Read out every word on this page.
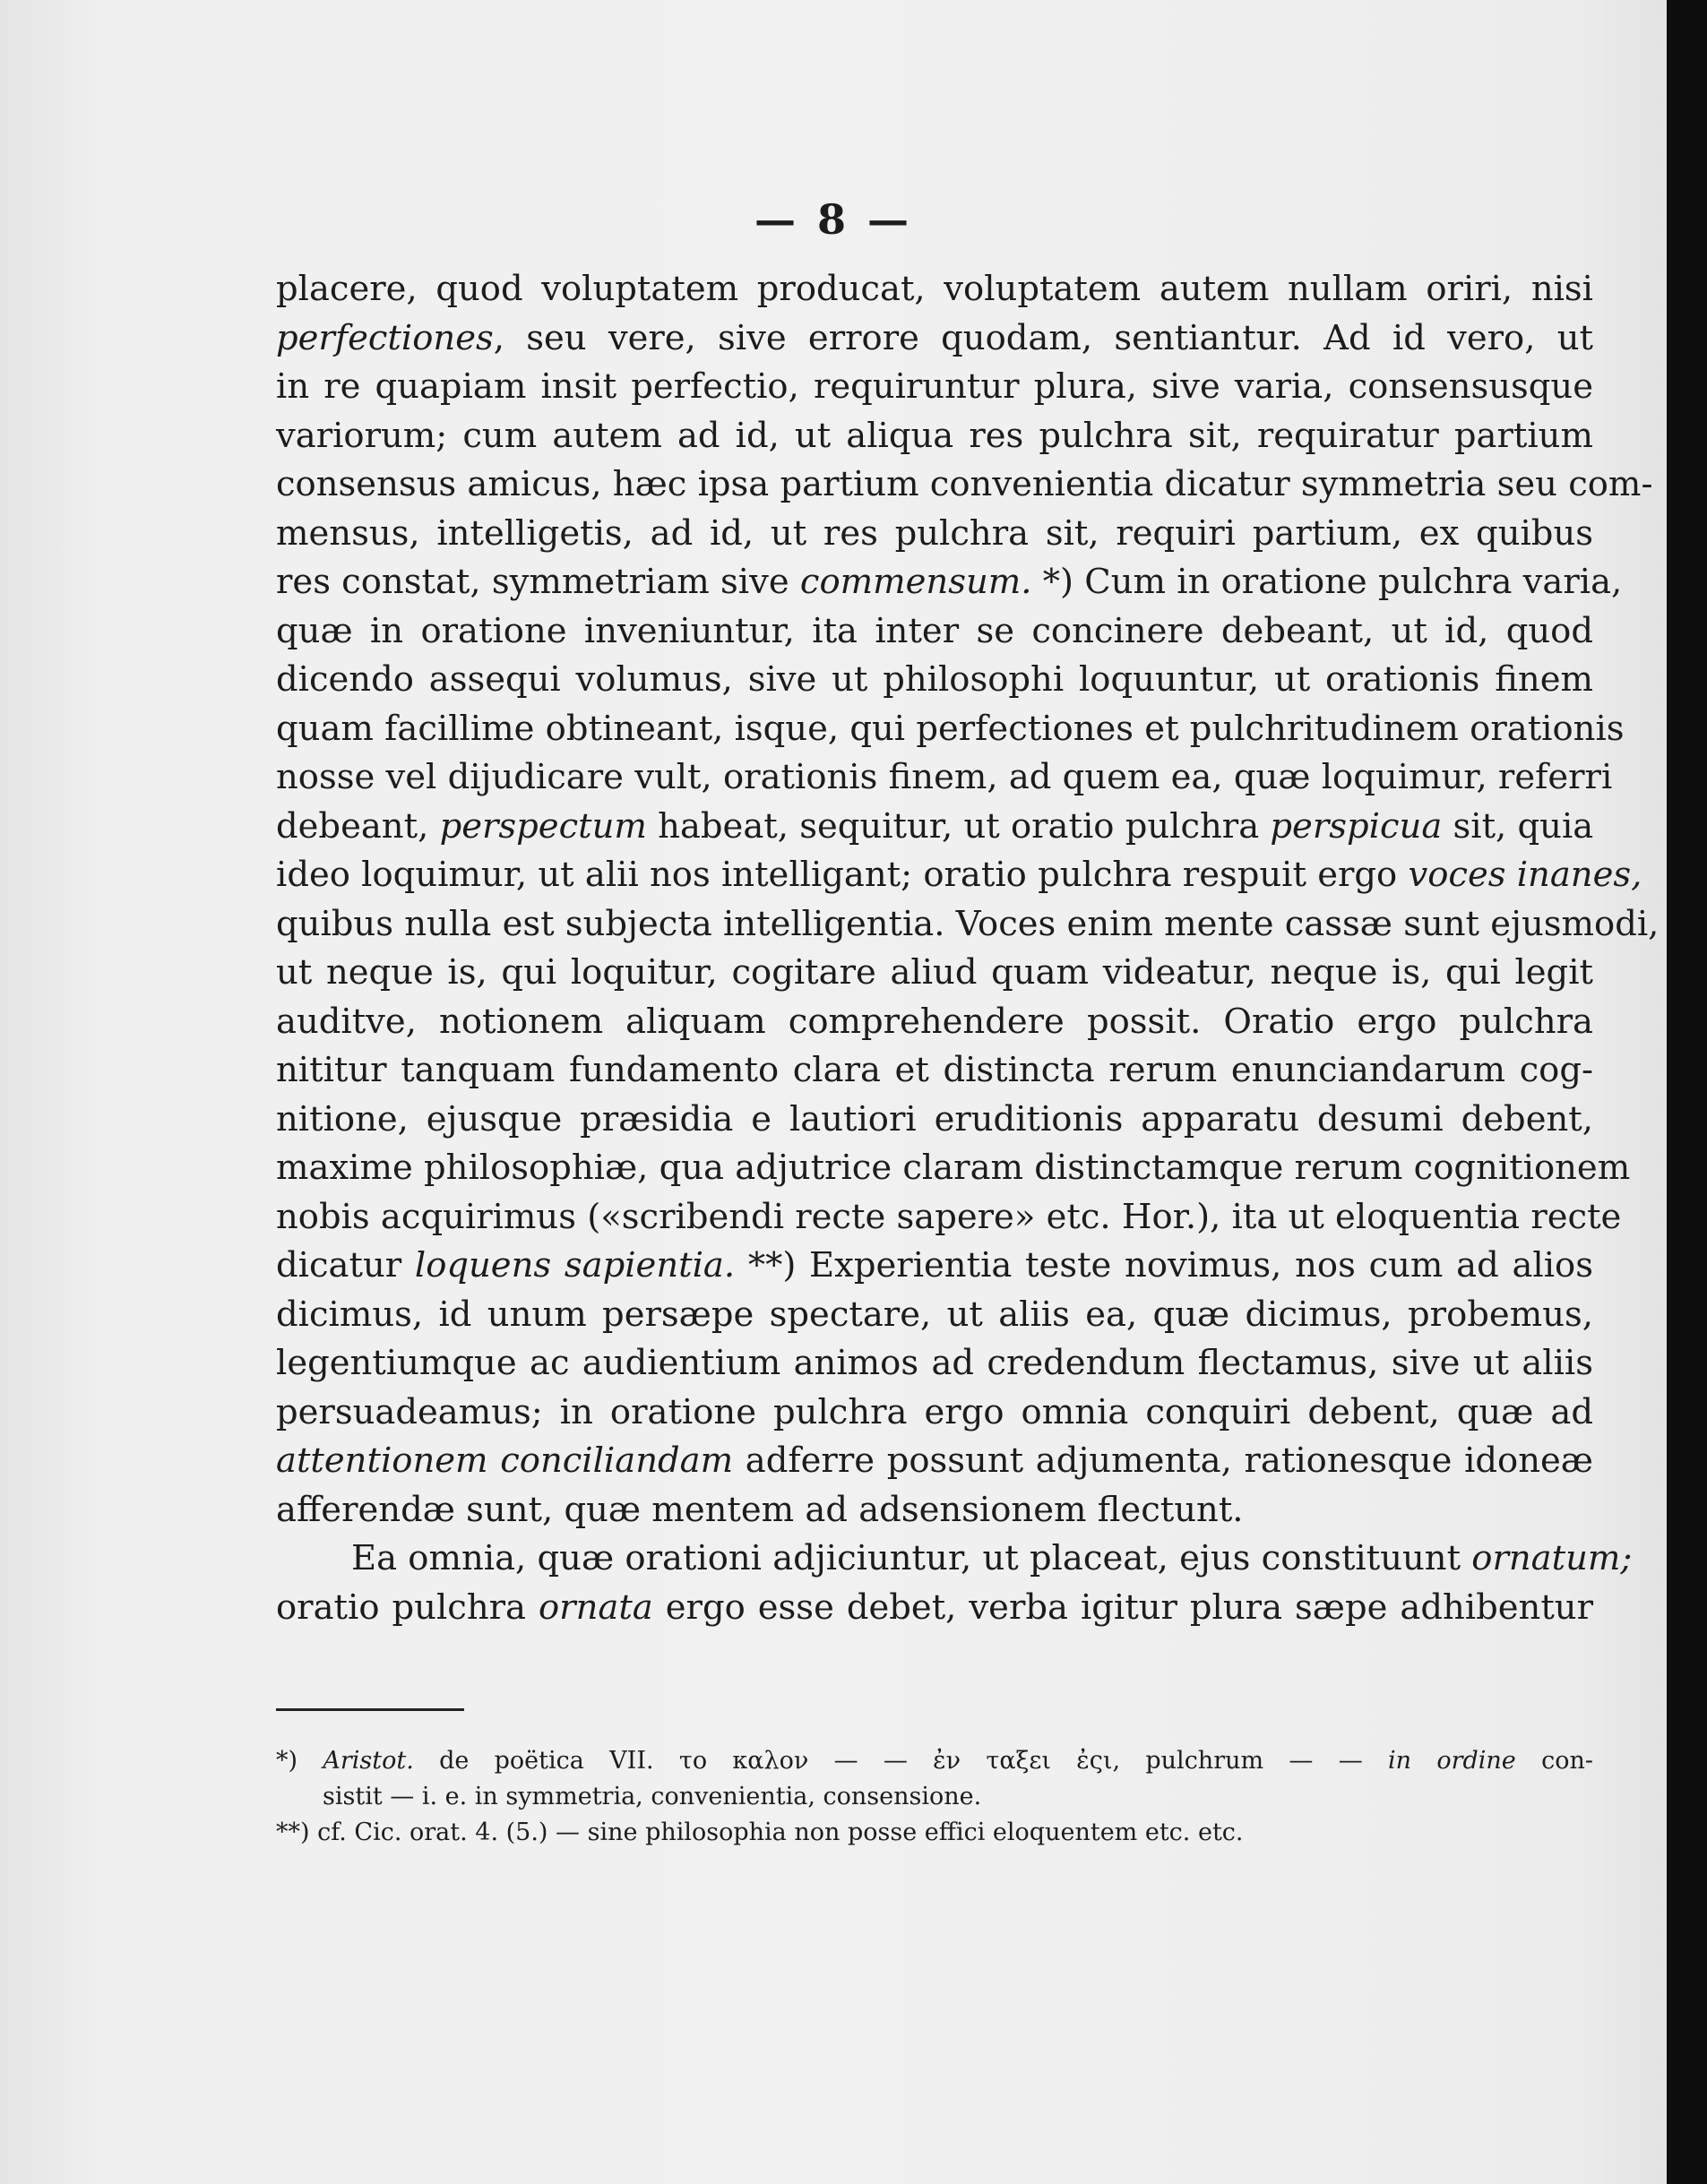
— 8 —
placere, quod voluptatem producat, voluptatem autem nullam oriri, nisi
perfectiones, seu vere, sive errore quodam, sentiantur. Ad id vero, ut
in re quapiam insit perfectio, requiruntur plura, sive varia, consensusque
variorum; cum autem ad id, ut aliqua res pulchra sit, requiratur partium
consensus amicus, hæc ipsa partium convenientia dicatur symmetria seu com-
mensus, intelligetis, ad id, ut res pulchra sit, requiri partium, ex quibus
res constat, symmetriam sive commensum. *) Cum in oratione pulchra varia,
quæ in oratione inveniuntur, ita inter se concinere debeant, ut id, quod
dicendo assequi volumus, sive ut philosophi loquuntur, ut orationis finem
quam facillime obtineant, isque, qui perfectiones et pulchritudinem orationis
nosse vel dijudicare vult, orationis finem, ad quem ea, quæ loquimur, referri
debeant, perspectum habeat, sequitur, ut oratio pulchra perspicua sit, quia
ideo loquimur, ut alii nos intelligant; oratio pulchra respuit ergo voces inanes,
quibus nulla est subjecta intelligentia. Voces enim mente cassæ sunt ejusmodi,
ut neque is, qui loquitur, cogitare aliud quam videatur, neque is, qui legit
auditve, notionem aliquam comprehendere possit. Oratio ergo pulchra
nititur tanquam fundamento clara et distincta rerum enunciandarum cog-
nitione, ejusque præsidia e lautiori eruditionis apparatu desumi debent,
maxime philosophiæ, qua adjutrice claram distinctamque rerum cognitionem
nobis acquirimus («scribendi recte sapere» etc. Hor.), ita ut eloquentia recte
dicatur loquens sapientia. **) Experientia teste novimus, nos cum ad alios
dicimus, id unum persæpe spectare, ut aliis ea, quæ dicimus, probemus,
legentiumque ac audientium animos ad credendum flectamus, sive ut aliis
persuadeamus; in oratione pulchra ergo omnia conquiri debent, quæ ad
attentionem conciliandam adferre possunt adjumenta, rationesque idoneæ
afferendæ sunt, quæ mentem ad adsensionem flectunt.
Ea omnia, quæ orationi adjiciuntur, ut placeat, ejus constituunt ornatum;
oratio pulchra ornata ergo esse debet, verba igitur plura sæpe adhibentur
*) Aristot. de poëtica VII. το καλον — — ἐν ταξει ἐςι, pulchrum — — in ordine con-
sistit — i. e. in symmetria, convenientia, consensione.
**) cf. Cic. orat. 4. (5.) — sine philosophia non posse effici eloquentem etc. etc.
